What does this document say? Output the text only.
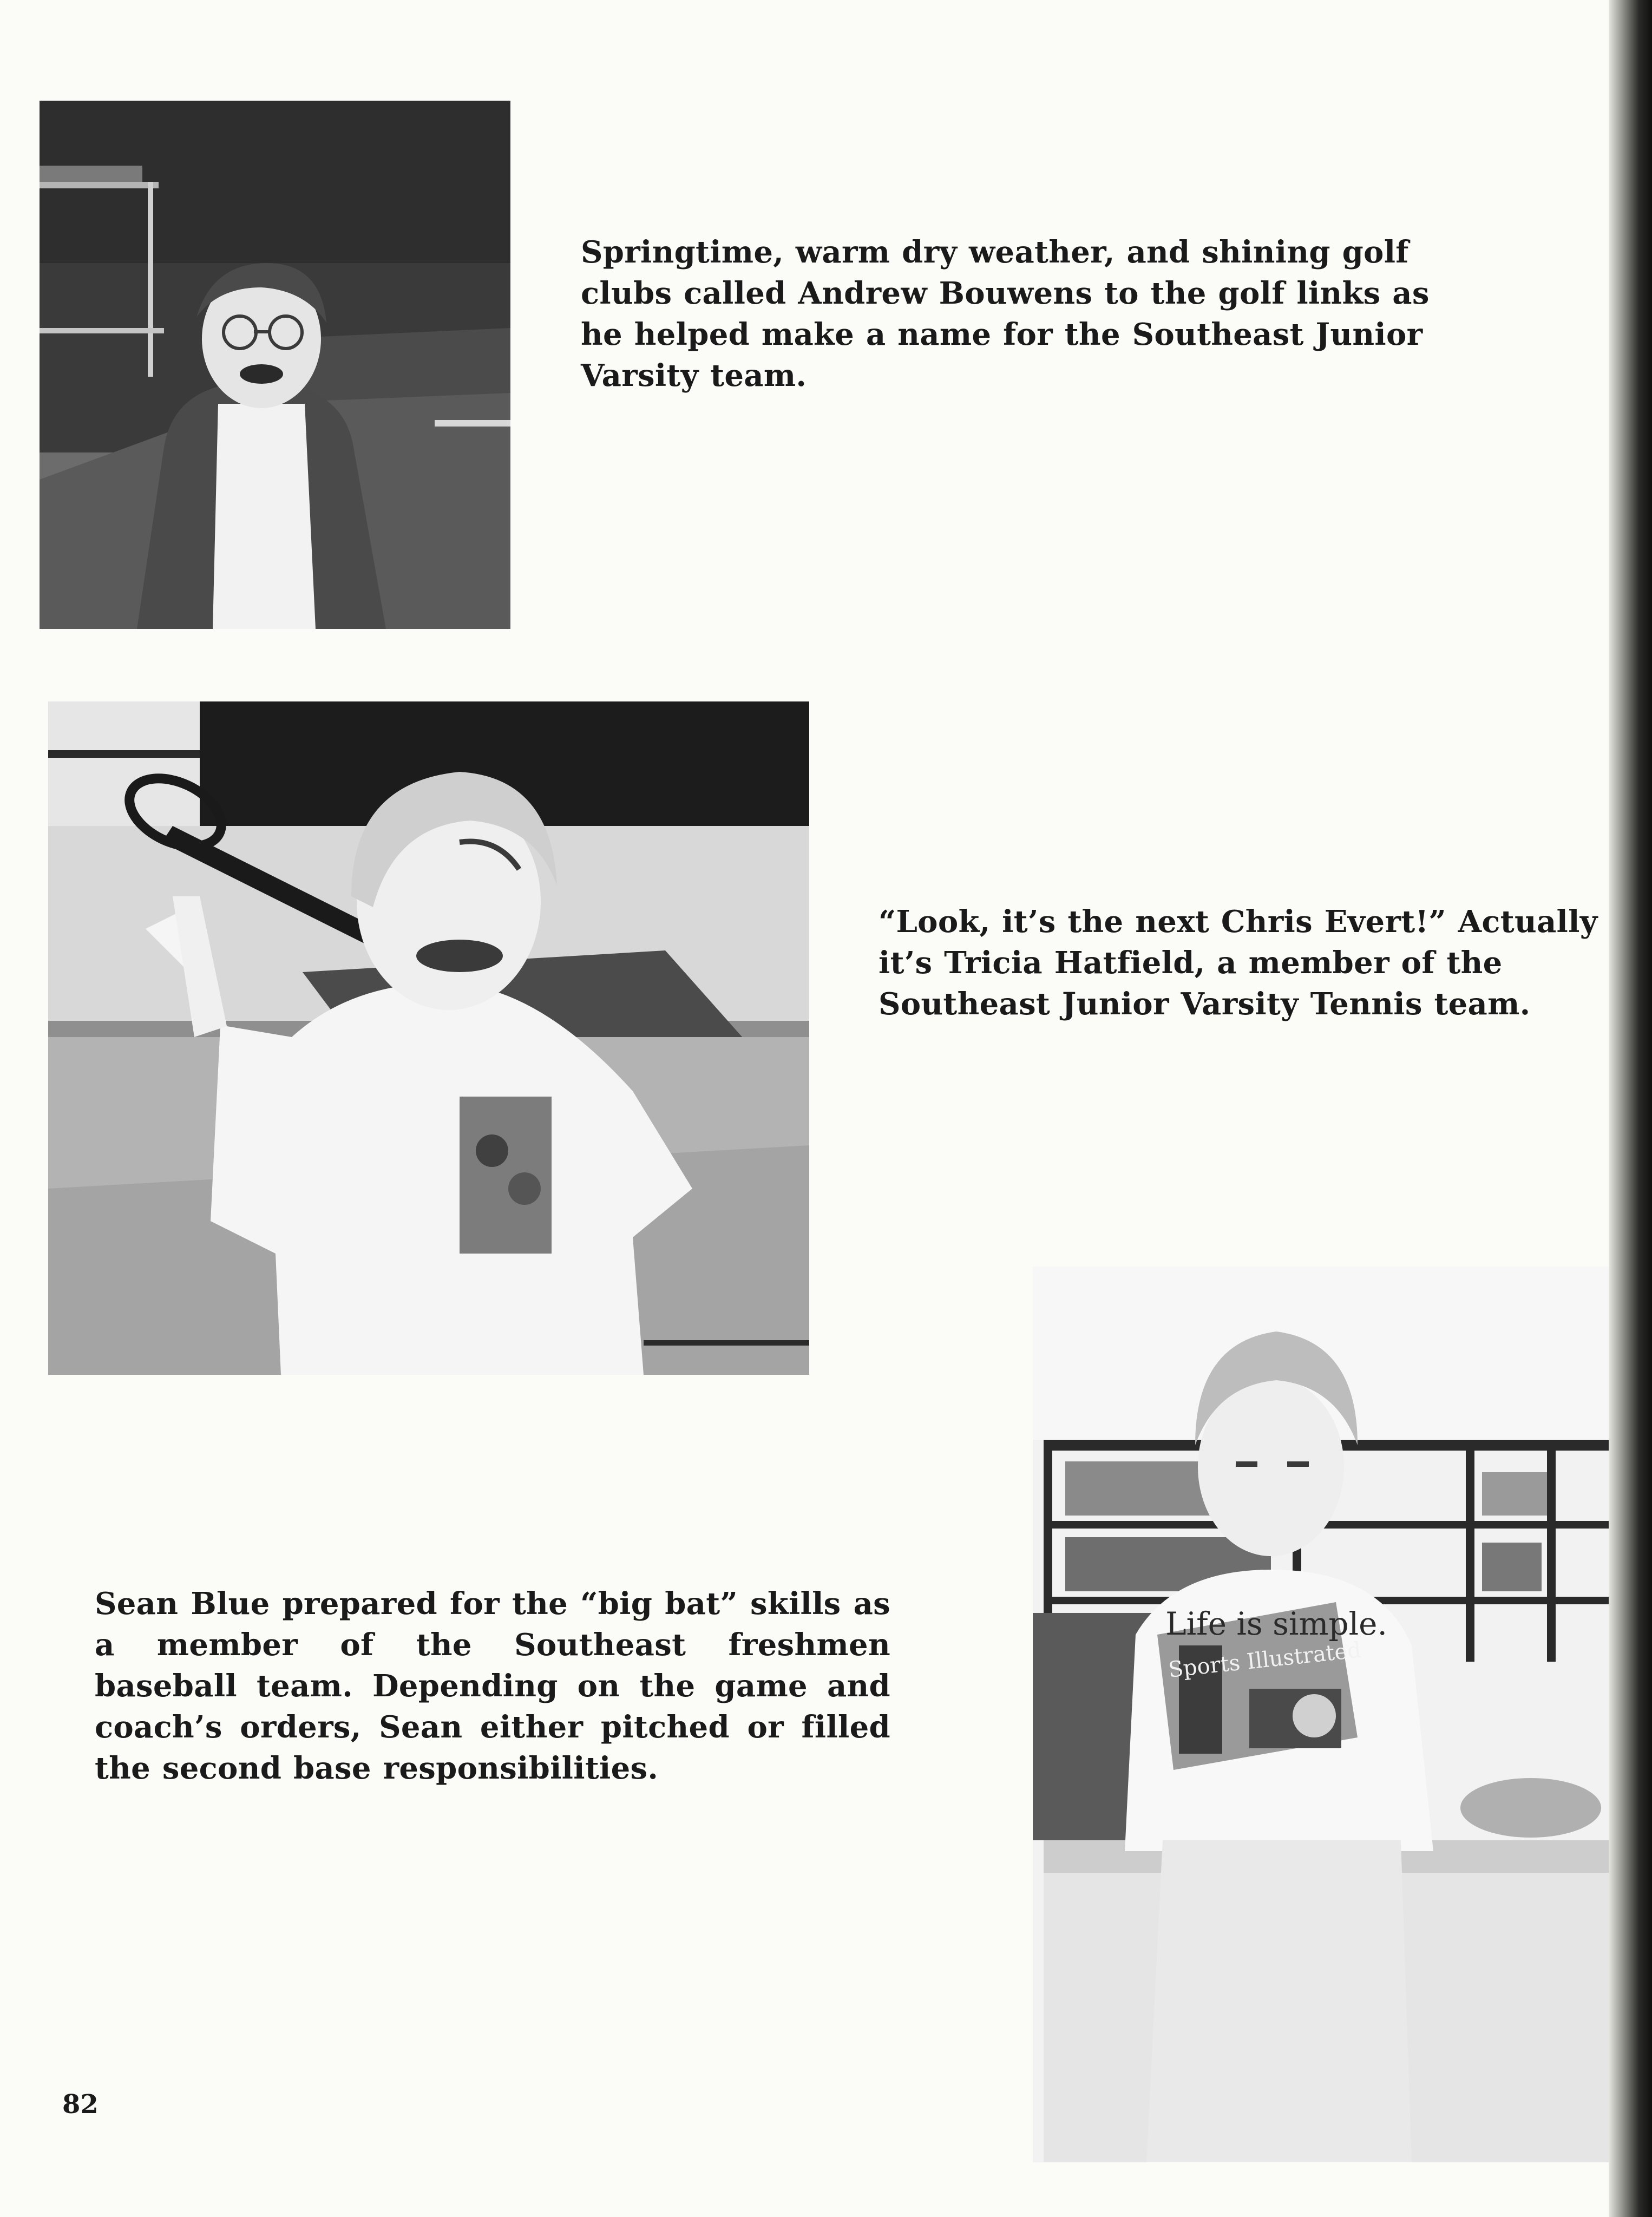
Life is simple.
Sports Illustrated
Springtime, warm dry weather, and shining golf clubs called Andrew Bouwens to the golf links as he helped make a name for the Southeast Junior Varsity team.
“Look, it’s the next Chris Evert!” Actually it’s Tricia Hatfield, a member of the Southeast Junior Varsity Tennis team.
Sean Blue prepared for the “big bat” skills as a member of the Southeast freshmen baseball team. Depending on the game and coach’s orders, Sean either pitched or filled the second base responsibilities.
82
